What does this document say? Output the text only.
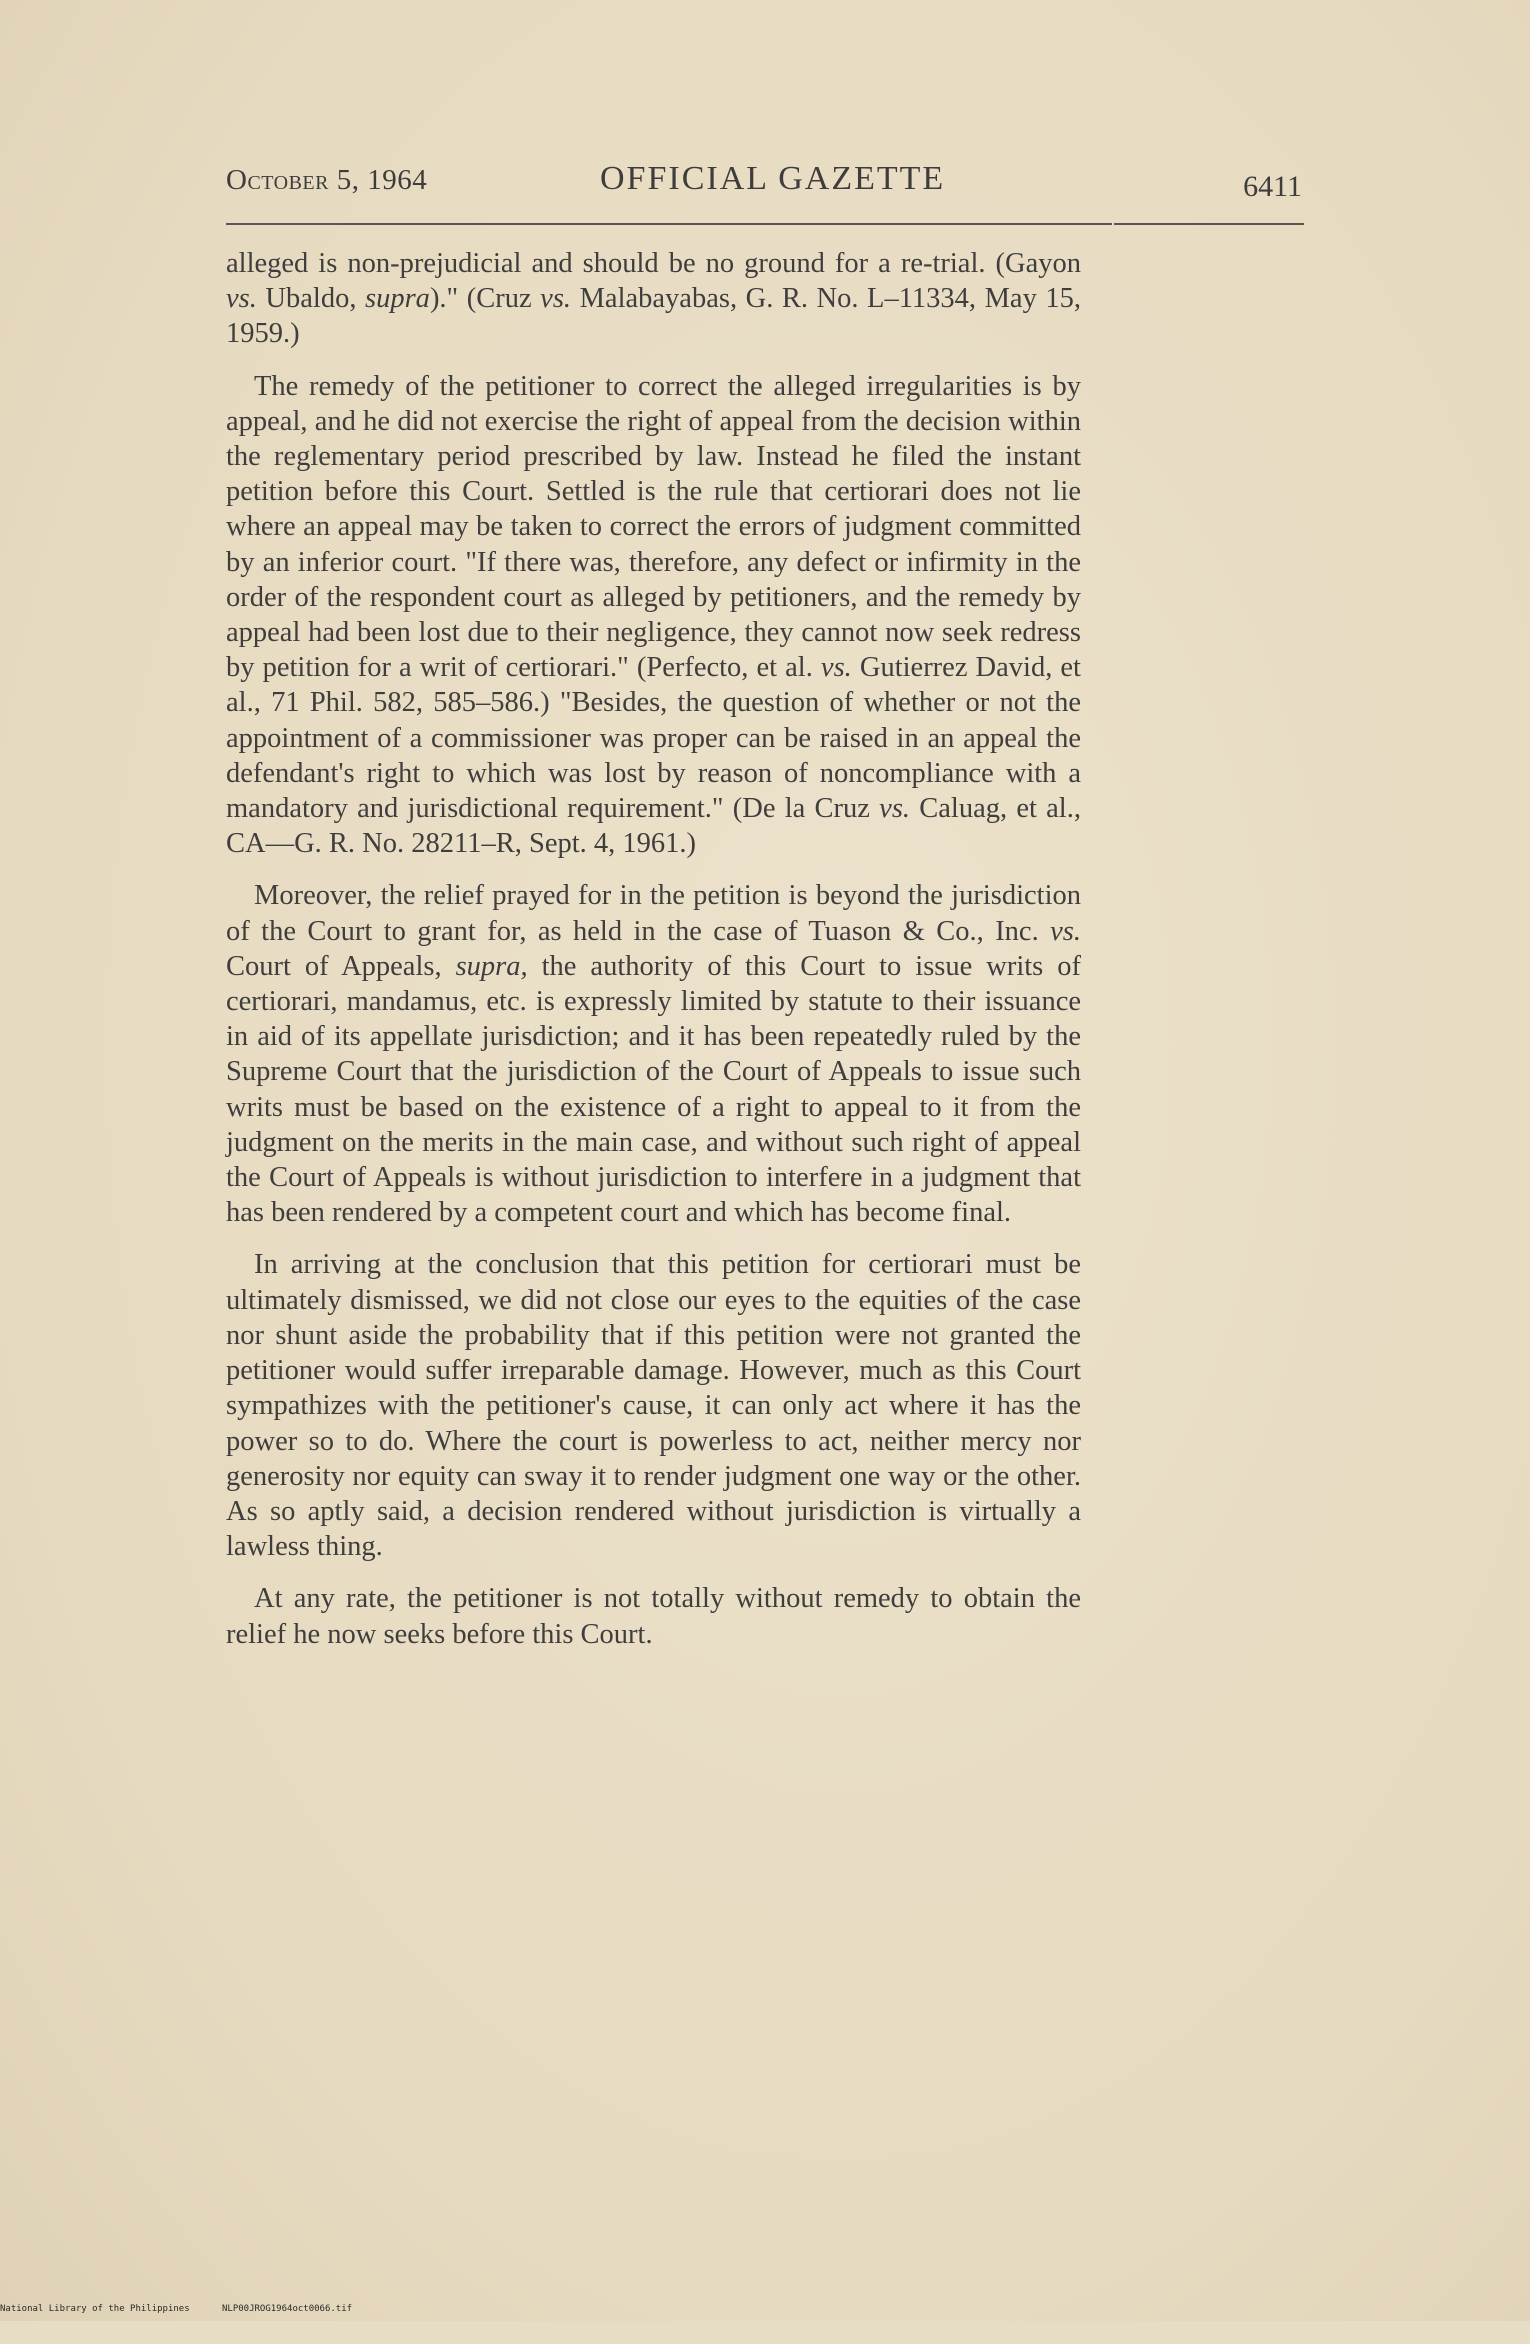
October 5, 1964	OFFICIAL GAZETTE	6411

alleged is non-prejudicial and should be no ground for a re-trial. (Gayon vs. Ubaldo, supra)." (Cruz vs. Malabayabas, G. R. No. L–11334, May 15, 1959.)

The remedy of the petitioner to correct the alleged irregularities is by appeal, and he did not exercise the right of appeal from the decision within the reglementary period prescribed by law. Instead he filed the instant petition before this Court. Settled is the rule that certiorari does not lie where an appeal may be taken to correct the errors of judgment committed by an inferior court. "If there was, therefore, any defect or infirmity in the order of the respondent court as alleged by petitioners, and the remedy by appeal had been lost due to their negligence, they cannot now seek redress by petition for a writ of certiorari." (Perfecto, et al. vs. Gutierrez David, et al., 71 Phil. 582, 585–586.) "Besides, the question of whether or not the appointment of a commissioner was proper can be raised in an appeal the defendant's right to which was lost by reason of noncompliance with a mandatory and jurisdictional requirement." (De la Cruz vs. Caluag, et al., CA—G. R. No. 28211–R, Sept. 4, 1961.)

Moreover, the relief prayed for in the petition is beyond the jurisdiction of the Court to grant for, as held in the case of Tuason & Co., Inc. vs. Court of Appeals, supra, the authority of this Court to issue writs of certiorari, mandamus, etc. is expressly limited by statute to their issuance in aid of its appellate jurisdiction; and it has been repeatedly ruled by the Supreme Court that the jurisdiction of the Court of Appeals to issue such writs must be based on the existence of a right to appeal to it from the judgment on the merits in the main case, and without such right of appeal the Court of Appeals is without jurisdiction to interfere in a judgment that has been rendered by a competent court and which has become final.

In arriving at the conclusion that this petition for certiorari must be ultimately dismissed, we did not close our eyes to the equities of the case nor shunt aside the probability that if this petition were not granted the petitioner would suffer irreparable damage. However, much as this Court sympathizes with the petitioner's cause, it can only act where it has the power so to do. Where the court is powerless to act, neither mercy nor generosity nor equity can sway it to render judgment one way or the other. As so aptly said, a decision rendered without jurisdiction is virtually a lawless thing.

At any rate, the petitioner is not totally without remedy to obtain the relief he now seeks before this Court.

National Library of the Philippines

	NLP00JROG1964oct0066.tif
